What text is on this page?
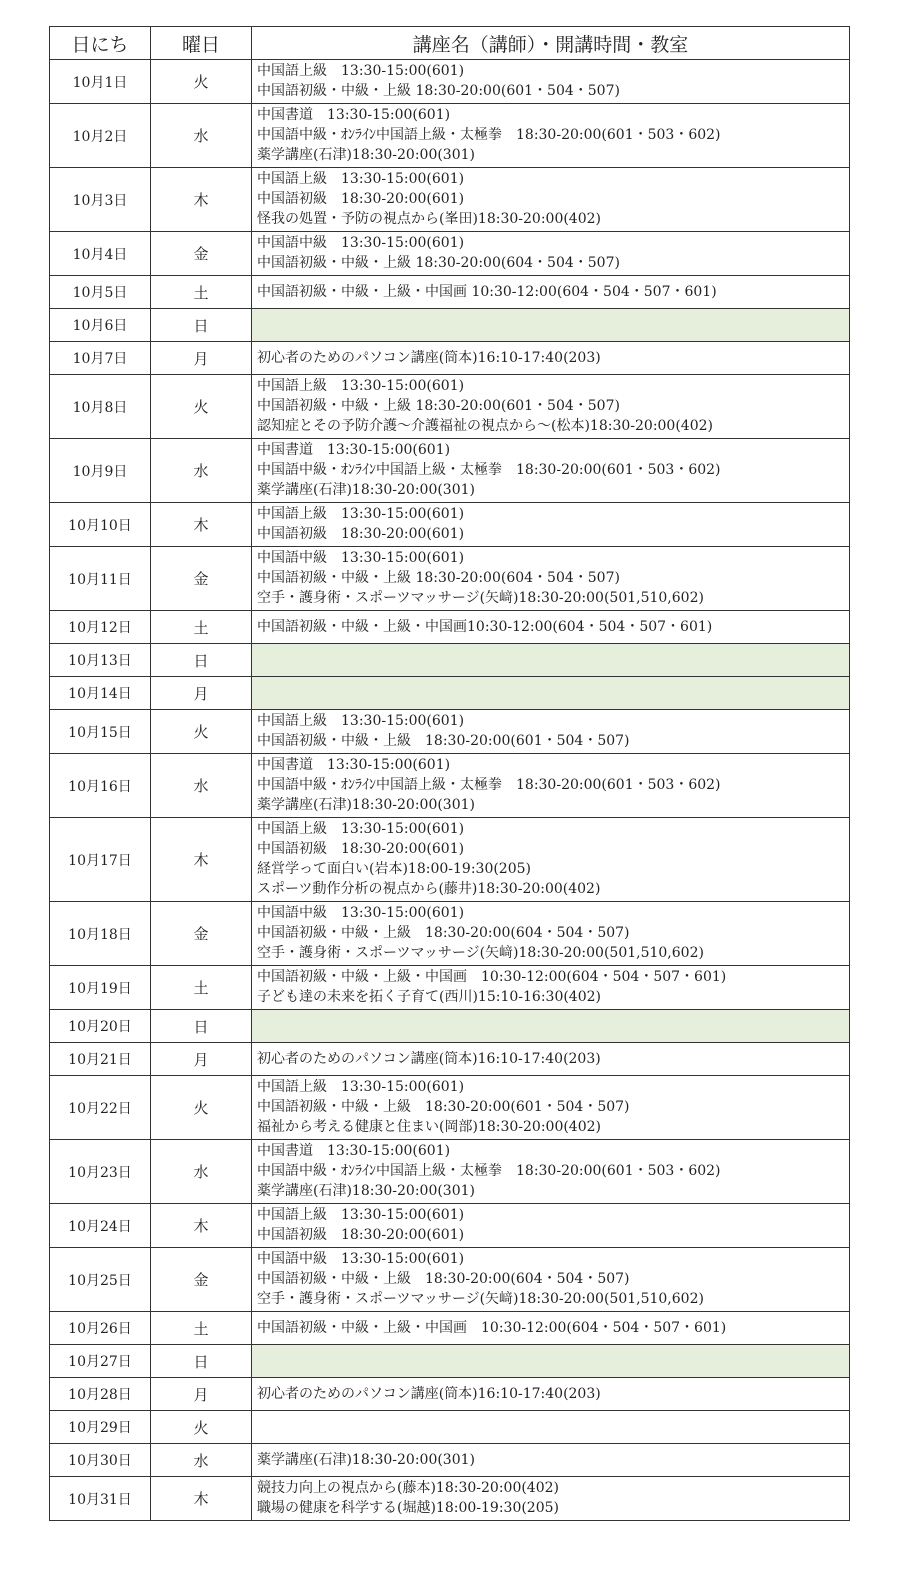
日にち	曜日	講座名（講師）・開講時間・教室
10月1日	火	中国語上級　13:30-15:00(601)
中国語初級・中級・上級 18:30-20:00(601・504・507)

10月2日	水	中国書道　13:30-15:00(601)
中国語中級・ｵﾝﾗｲﾝ中国語上級・太極拳　18:30-20:00(601・503・602)
薬学講座(石津)18:30-20:00(301)

10月3日	木	中国語上級　13:30-15:00(601)
中国語初級　18:30-20:00(601)
怪我の処置・予防の視点から(峯田)18:30-20:00(402)

10月4日	金	中国語中級　13:30-15:00(601)
中国語初級・中級・上級 18:30-20:00(604・504・507)

10月5日	土	中国語初級・中級・上級・中国画 10:30-12:00(604・504・507・601)

10月6日	日	
10月7日	月	初心者のためのパソコン講座(筒本)16:10-17:40(203)

10月8日	火	中国語上級　13:30-15:00(601)
中国語初級・中級・上級 18:30-20:00(601・504・507)
認知症とその予防介護～介護福祉の視点から～(松本)18:30-20:00(402)

10月9日	水	中国書道　13:30-15:00(601)
中国語中級・ｵﾝﾗｲﾝ中国語上級・太極拳　18:30-20:00(601・503・602)
薬学講座(石津)18:30-20:00(301)

10月10日	木	中国語上級　13:30-15:00(601)
中国語初級　18:30-20:00(601)

10月11日	金	中国語中級　13:30-15:00(601)
中国語初級・中級・上級 18:30-20:00(604・504・507)
空手・護身術・スポーツマッサージ(矢﨑)18:30-20:00(501,510,602)

10月12日	土	中国語初級・中級・上級・中国画10:30-12:00(604・504・507・601)

10月13日	日	
10月14日	月	
10月15日	火	中国語上級　13:30-15:00(601)
中国語初級・中級・上級　18:30-20:00(601・504・507)

10月16日	水	中国書道　13:30-15:00(601)
中国語中級・ｵﾝﾗｲﾝ中国語上級・太極拳　18:30-20:00(601・503・602)
薬学講座(石津)18:30-20:00(301)

10月17日	木	中国語上級　13:30-15:00(601)
中国語初級　18:30-20:00(601)
経営学って面白い(岩本)18:00-19:30(205)
スポーツ動作分析の視点から(藤井)18:30-20:00(402)

10月18日	金	中国語中級　13:30-15:00(601)
中国語初級・中級・上級　18:30-20:00(604・504・507)
空手・護身術・スポーツマッサージ(矢﨑)18:30-20:00(501,510,602)

10月19日	土	中国語初級・中級・上級・中国画　10:30-12:00(604・504・507・601)
子ども達の未来を拓く子育て(西川)15:10-16:30(402)

10月20日	日	
10月21日	月	初心者のためのパソコン講座(筒本)16:10-17:40(203)

10月22日	火	中国語上級　13:30-15:00(601)
中国語初級・中級・上級　18:30-20:00(601・504・507)
福祉から考える健康と住まい(岡部)18:30-20:00(402)

10月23日	水	中国書道　13:30-15:00(601)
中国語中級・ｵﾝﾗｲﾝ中国語上級・太極拳　18:30-20:00(601・503・602)
薬学講座(石津)18:30-20:00(301)

10月24日	木	中国語上級　13:30-15:00(601)
中国語初級　18:30-20:00(601)

10月25日	金	中国語中級　13:30-15:00(601)
中国語初級・中級・上級　18:30-20:00(604・504・507)
空手・護身術・スポーツマッサージ(矢﨑)18:30-20:00(501,510,602)

10月26日	土	中国語初級・中級・上級・中国画　10:30-12:00(604・504・507・601)

10月27日	日	
10月28日	月	初心者のためのパソコン講座(筒本)16:10-17:40(203)

10月29日	火	
10月30日	水	薬学講座(石津)18:30-20:00(301)

10月31日	木	競技力向上の視点から(藤本)18:30-20:00(402)
職場の健康を科学する(堀越)18:00-19:30(205)
